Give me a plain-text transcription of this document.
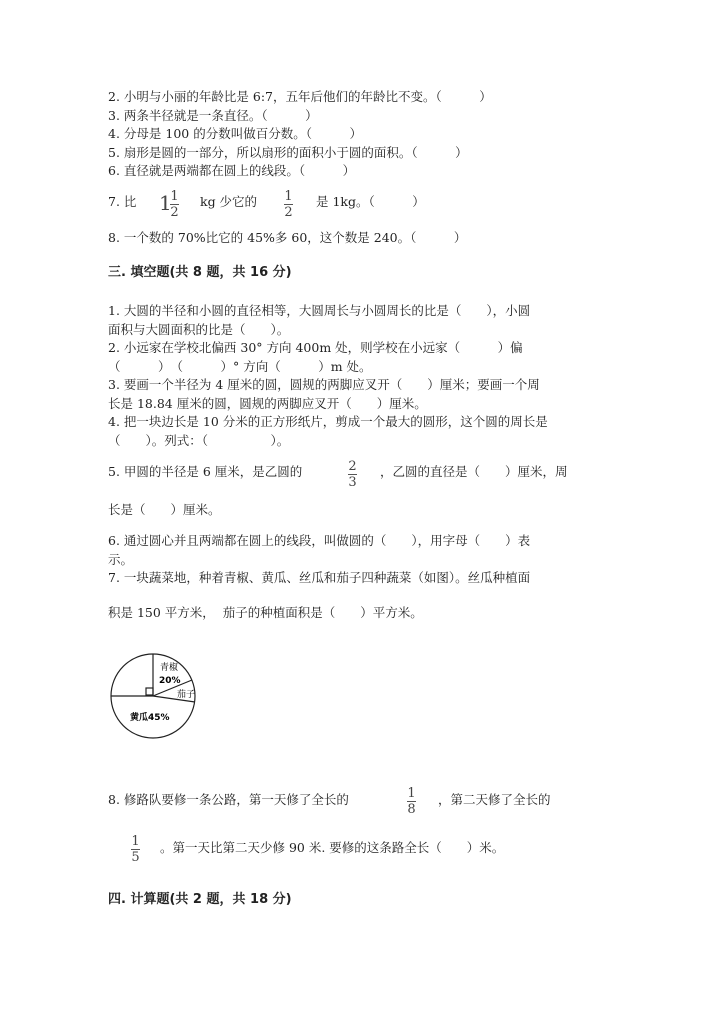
2. 小明与小丽的年龄比是 6:7，五年后他们的年龄比不变。（　　　）
3. 两条半径就是一条直径。（　　　）
4. 分母是 100 的分数叫做百分数。（　　　）
5. 扇形是圆的一部分，所以扇形的面积小于圆的面积。（　　　）
6. 直径就是两端都在圆上的线段。（　　　）
7. 比 1
1
2
kg 少它的 1
2
是 1kg。（　　　）
8. 一个数的 70%比它的 45%多 60，这个数是 240。（　　　）
三. 填空题(共 8 题，共 16 分)
1. 大圆的半径和小圆的直径相等，大圆周长与小圆周长的比是（　　），小圆
面积与大圆面积的比是（　　）。
2. 小远家在学校北偏西 30° 方向 400m 处，则学校在小远家（　　　）偏
（　　　）　（　　　）° 方向（　　　）m 处。
3. 要画一个半径为 4 厘米的圆，圆规的两脚应叉开（　　）厘米；要画一个周
长是 18.84 厘米的圆，圆规的两脚应叉开（　　）厘米。
4. 把一块边长是 10 分米的正方形纸片，剪成一个最大的圆形，这个圆的周长是
（　　）。列式：（　　　　　）。
5. 甲圆的半径是 6 厘米，是乙圆的	2
3
，乙圆的直径是（　　）厘米，周
长是（　　）厘米。
6. 通过圆心并且两端都在圆上的线段，叫做圆的（　　），用字母（　　）表
示。
7. 一块蔬菜地，种着青椒、黄瓜、丝瓜和茄子四种蔬菜（如图）。丝瓜种植面
积是 150 平方米，  茄子的种植面积是（　　）平方米。
青椒
20%
茄子
黄瓜45%
8. 修路队要修一条公路，第一天修了全长的	1
8
，第二天修了全长的
1
5
。第一天比第二天少修 90 米. 要修的这条路全长（　　）米。
四. 计算题(共 2 题，共 18 分)
